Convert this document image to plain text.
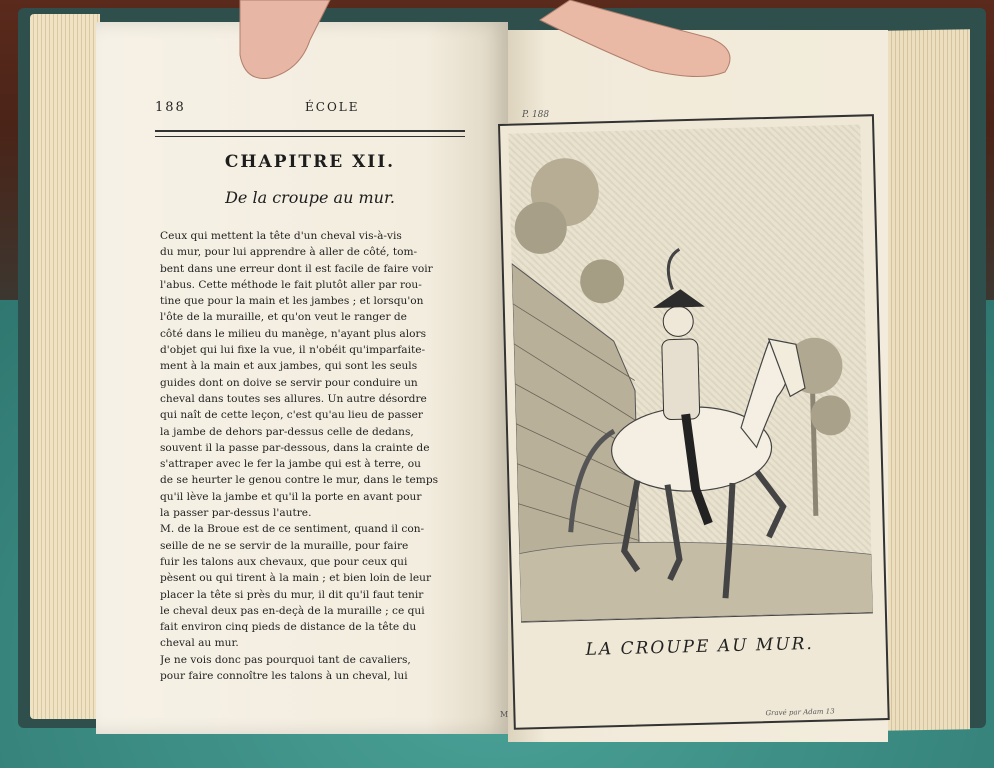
188	ÉCOLE
CHAPITRE XII.
De la croupe au mur.
Ceux qui mettent la tête d'un cheval vis-à-vis
du mur, pour lui apprendre à aller de côté, tom-
bent dans une erreur dont il est facile de faire voir
l'abus. Cette méthode le fait plutôt aller par rou-
tine que pour la main et les jambes ; et lorsqu'on
l'ôte de la muraille, et qu'on veut le ranger de
côté dans le milieu du manège, n'ayant plus alors
d'objet qui lui fixe la vue, il n'obéit qu'imparfaite-
ment à la main et aux jambes, qui sont les seuls
guides dont on doive se servir pour conduire un
cheval dans toutes ses allures. Un autre désordre
qui naît de cette leçon, c'est qu'au lieu de passer
la jambe de dehors par-dessus celle de dedans,
souvent il la passe par-dessous, dans la crainte de
s'attraper avec le fer la jambe qui est à terre, ou
de se heurter le genou contre le mur, dans le temps
qu'il lève la jambe et qu'il la porte en avant pour
la passer par-dessus l'autre.
M. de la Broue est de ce sentiment, quand il con-
seille de ne se servir de la muraille, pour faire
fuir les talons aux chevaux, que pour ceux qui
pèsent ou qui tirent à la main ; et bien loin de leur
placer la tête si près du mur, il dit qu'il faut tenir
le cheval deux pas en-deçà de la muraille ; ce qui
fait environ cinq pieds de distance de la tête du
cheval au mur.
Je ne vois donc pas pourquoi tant de cavaliers,
pour faire connoître les talons à un cheval, lui
M
P. 188
LA CROUPE AU MUR.
Gravé par Adam 13
